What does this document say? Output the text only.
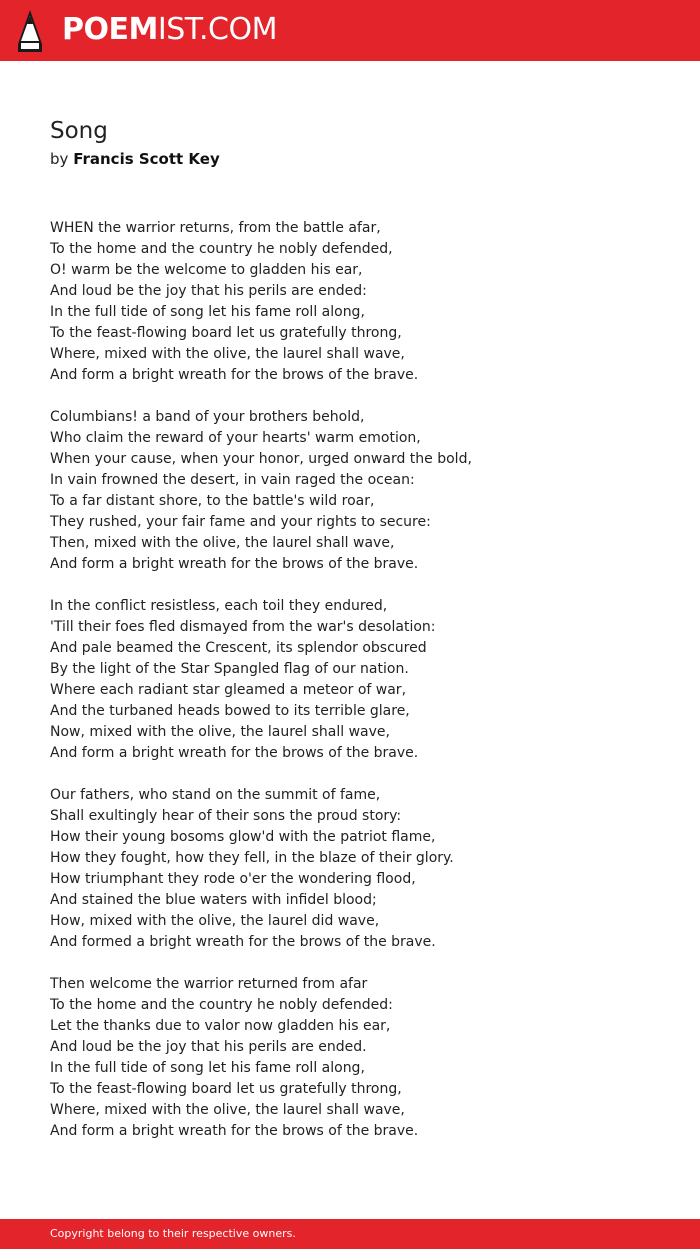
POEMIST.COM
Song
by Francis Scott Key
WHEN the warrior returns, from the battle afar,
To the home and the country he nobly defended,
O! warm be the welcome to gladden his ear,
And loud be the joy that his perils are ended:
In the full tide of song let his fame roll along,
To the feast-flowing board let us gratefully throng,
Where, mixed with the olive, the laurel shall wave,
And form a bright wreath for the brows of the brave.
Columbians! a band of your brothers behold,
Who claim the reward of your hearts' warm emotion,
When your cause, when your honor, urged onward the bold,
In vain frowned the desert, in vain raged the ocean:
To a far distant shore, to the battle's wild roar,
They rushed, your fair fame and your rights to secure:
Then, mixed with the olive, the laurel shall wave,
And form a bright wreath for the brows of the brave.
In the conflict resistless, each toil they endured,
'Till their foes fled dismayed from the war's desolation:
And pale beamed the Crescent, its splendor obscured
By the light of the Star Spangled flag of our nation.
Where each radiant star gleamed a meteor of war,
And the turbaned heads bowed to its terrible glare,
Now, mixed with the olive, the laurel shall wave,
And form a bright wreath for the brows of the brave.
Our fathers, who stand on the summit of fame,
Shall exultingly hear of their sons the proud story:
How their young bosoms glow'd with the patriot flame,
How they fought, how they fell, in the blaze of their glory.
How triumphant they rode o'er the wondering flood,
And stained the blue waters with infidel blood;
How, mixed with the olive, the laurel did wave,
And formed a bright wreath for the brows of the brave.
Then welcome the warrior returned from afar
To the home and the country he nobly defended:
Let the thanks due to valor now gladden his ear,
And loud be the joy that his perils are ended.
In the full tide of song let his fame roll along,
To the feast-flowing board let us gratefully throng,
Where, mixed with the olive, the laurel shall wave,
And form a bright wreath for the brows of the brave.
Copyright belong to their respective owners.
